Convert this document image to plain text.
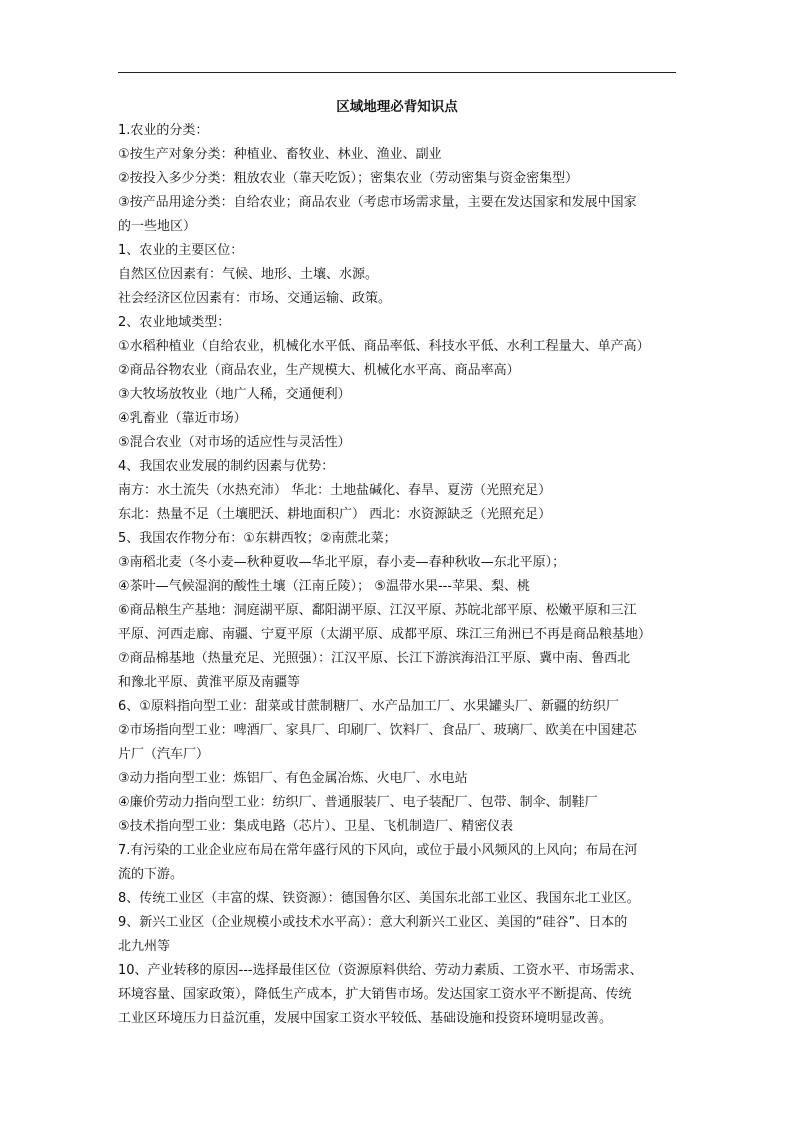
区域地理必背知识点
1.农业的分类：
①按生产对象分类：种植业、畜牧业、林业、渔业、副业
②按投入多少分类：粗放农业（靠天吃饭）；密集农业（劳动密集与资金密集型）
③按产品用途分类：自给农业；商品农业（考虑市场需求量，主要在发达国家和发展中国家
的一些地区）
1、农业的主要区位：
自然区位因素有：气候、地形、土壤、水源。
社会经济区位因素有：市场、交通运输、政策。
2、农业地域类型：
①水稻种植业（自给农业，机械化水平低、商品率低、科技水平低、水利工程量大、单产高）
②商品谷物农业（商品农业，生产规模大、机械化水平高、商品率高）
③大牧场放牧业（地广人稀，交通便利）
④乳畜业（靠近市场）
⑤混合农业（对市场的适应性与灵活性）
4、我国农业发展的制约因素与优势：
南方：水土流失（水热充沛） 华北：土地盐碱化、春旱、夏涝（光照充足）
东北：热量不足（土壤肥沃、耕地面积广） 西北：水资源缺乏（光照充足）
5、我国农作物分布：①东耕西牧；②南蔗北菜；
③南稻北麦（冬小麦—秋种夏收—华北平原，春小麦—春种秋收—东北平原）；
④茶叶—气候湿润的酸性土壤（江南丘陵）； ⑤温带水果---苹果、梨、桃
⑥商品粮生产基地：洞庭湖平原、鄱阳湖平原、江汉平原、苏皖北部平原、松嫩平原和三江
平原、河西走廊、南疆、宁夏平原（太湖平原、成都平原、珠江三角洲已不再是商品粮基地）
⑦商品棉基地（热量充足、光照强）：江汉平原、长江下游滨海沿江平原、冀中南、鲁西北
和豫北平原、黄淮平原及南疆等
6、①原料指向型工业：甜菜或甘蔗制糖厂、水产品加工厂、水果罐头厂、新疆的纺织厂
②市场指向型工业：啤酒厂、家具厂、印刷厂、饮料厂、食品厂、玻璃厂、欧美在中国建芯
片厂（汽车厂）
③动力指向型工业：炼铝厂、有色金属冶炼、火电厂、水电站
④廉价劳动力指向型工业：纺织厂、普通服装厂、电子装配厂、包带、制伞、制鞋厂
⑤技术指向型工业：集成电路（芯片）、卫星、飞机制造厂、精密仪表
7.有污染的工业企业应布局在常年盛行风的下风向，或位于最小风频风的上风向；布局在河
流的下游。
8、传统工业区（丰富的煤、铁资源）：德国鲁尔区、美国东北部工业区、我国东北工业区。
9、新兴工业区（企业规模小或技术水平高）：意大利新兴工业区、美国的“硅谷”、日本的
北九州等
10、产业转移的原因---选择最佳区位（资源原料供给、劳动力素质、工资水平、市场需求、
环境容量、国家政策），降低生产成本，扩大销售市场。发达国家工资水平不断提高、传统
工业区环境压力日益沉重，发展中国家工资水平较低、基础设施和投资环境明显改善。
